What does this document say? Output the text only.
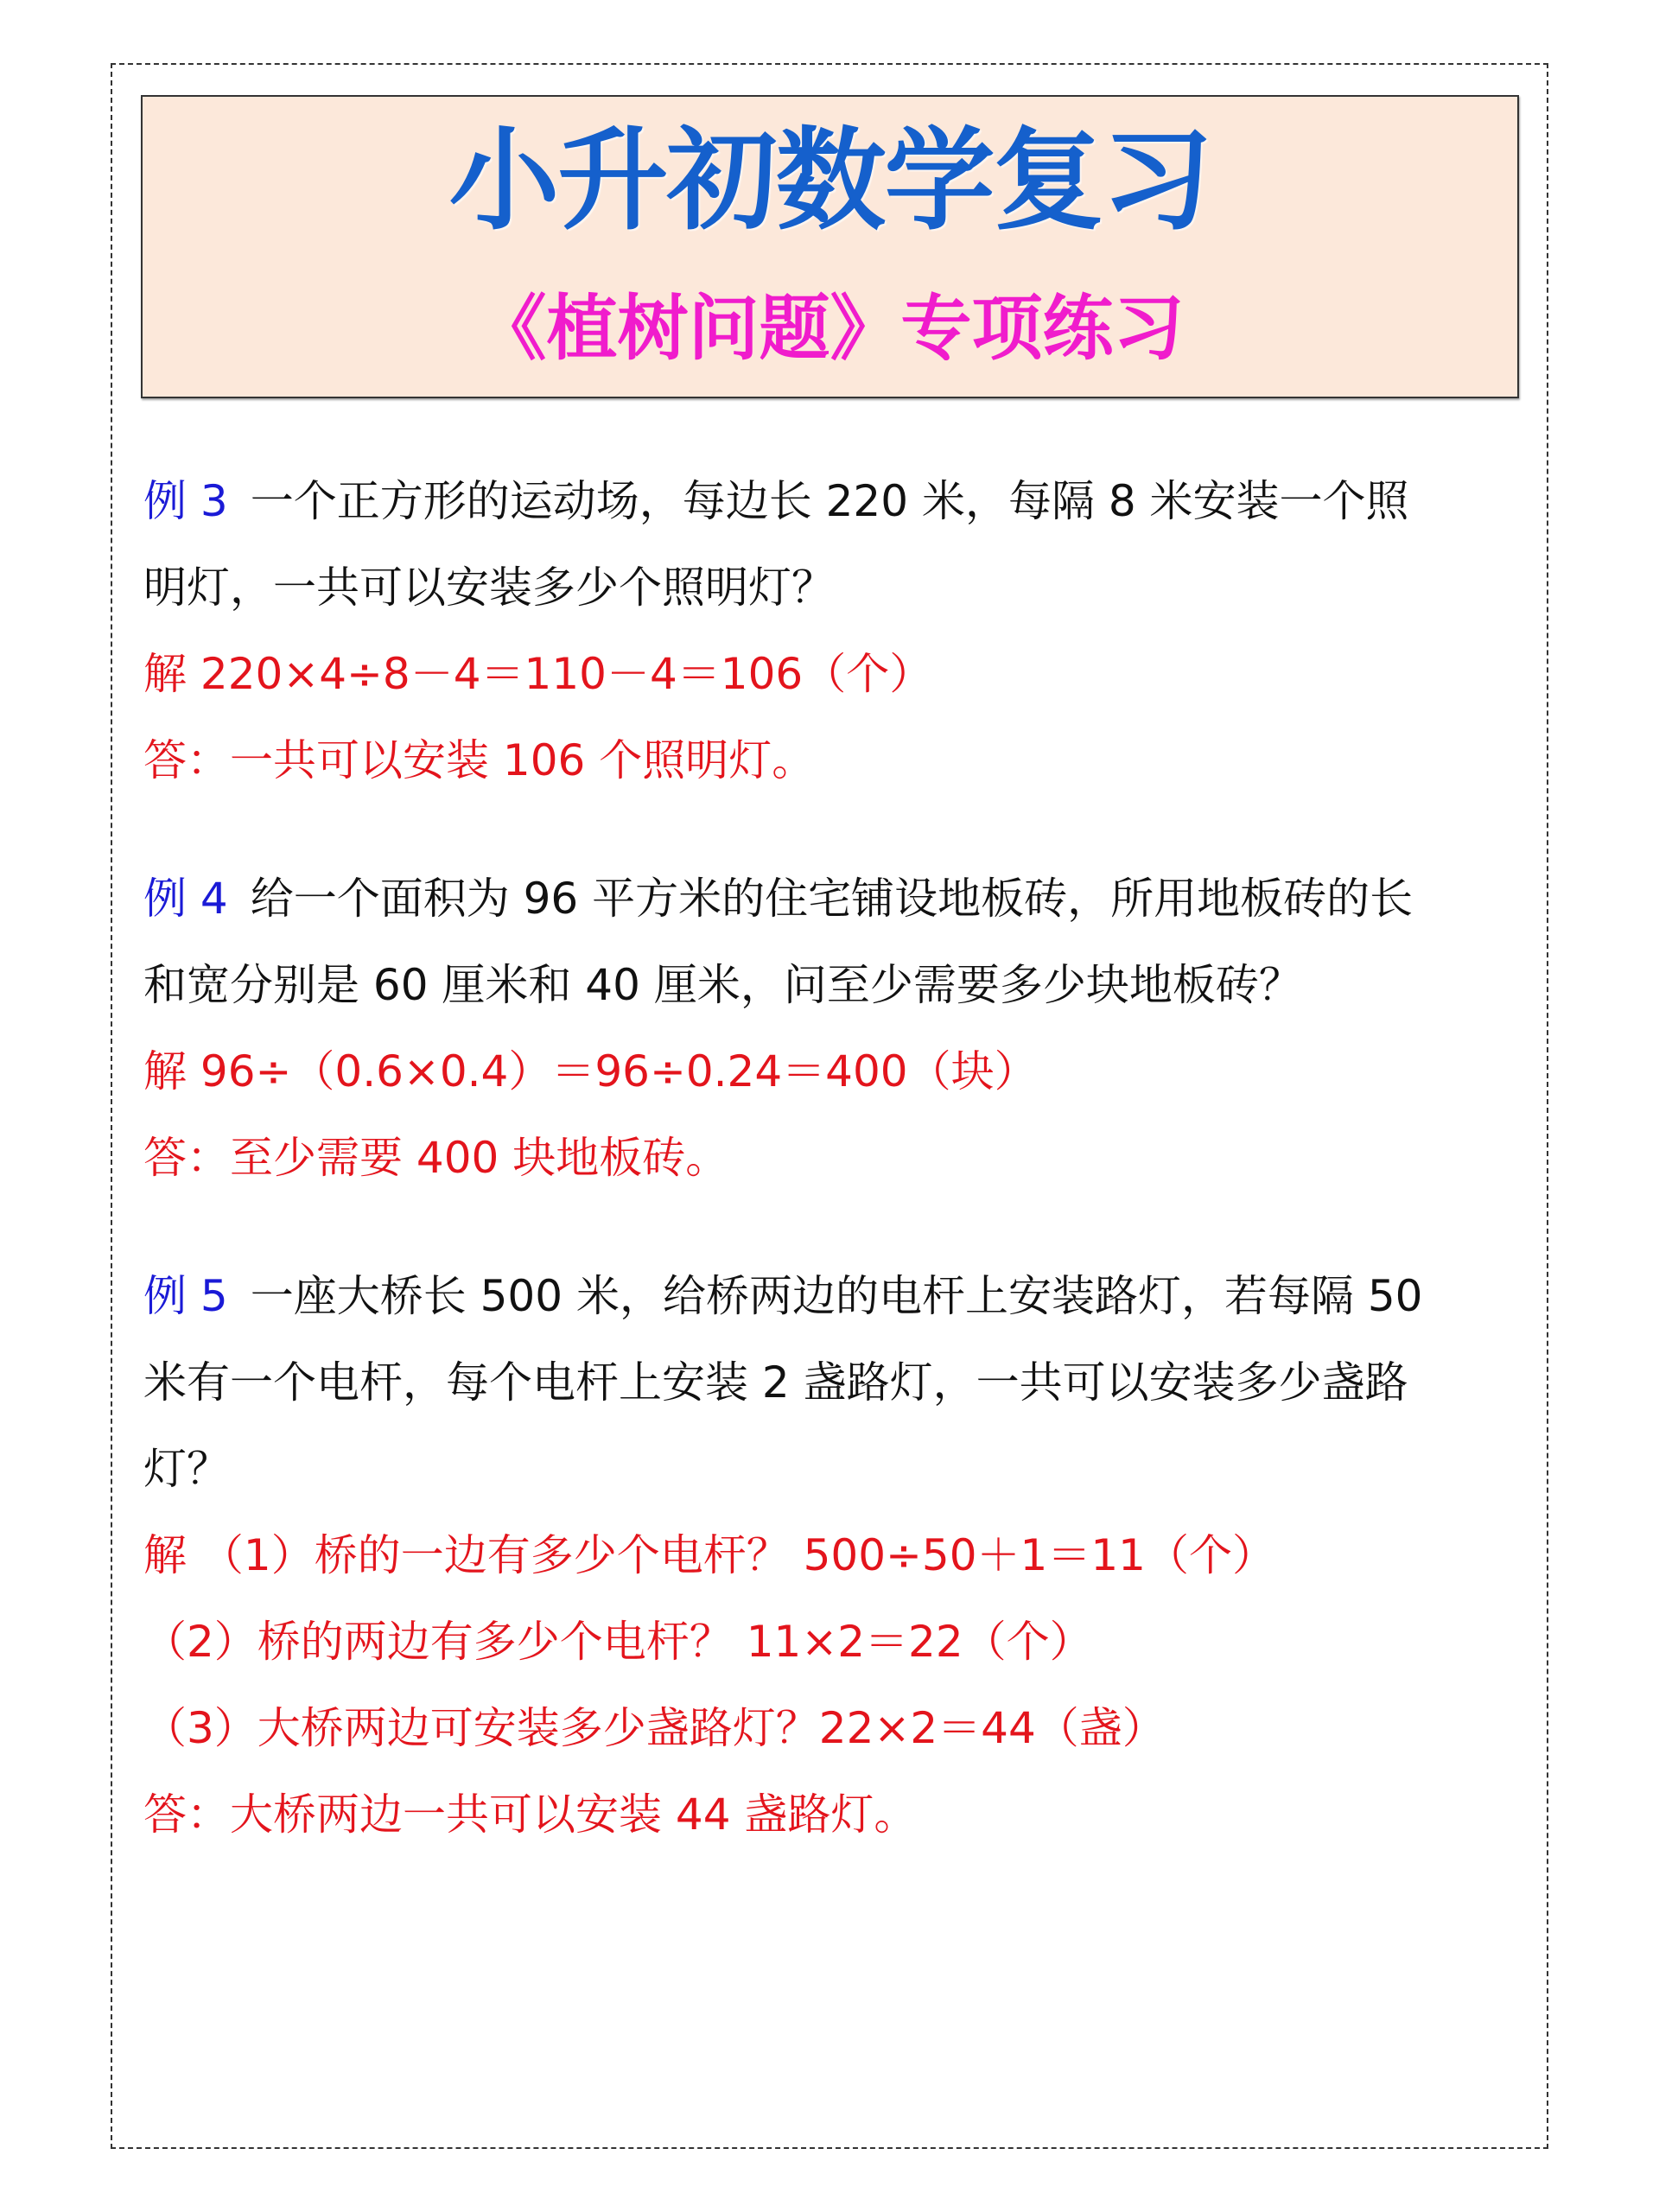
小升初数学复习
《植树问题》专项练习
例 3 一个正方形的运动场，每边长 220 米，每隔 8 米安装一个照
明灯，一共可以安装多少个照明灯？
解 220×4÷8－4＝110－4＝106（个）
答：一共可以安装 106 个照明灯。
例 4 给一个面积为 96 平方米的住宅铺设地板砖，所用地板砖的长
和宽分别是 60 厘米和 40 厘米，问至少需要多少块地板砖？
解 96÷（0.6×0.4）＝96÷0.24＝400（块）
答：至少需要 400 块地板砖。
例 5 一座大桥长 500 米，给桥两边的电杆上安装路灯，若每隔 50
米有一个电杆，每个电杆上安装 2 盏路灯，一共可以安装多少盏路
灯？
解 （1）桥的一边有多少个电杆？ 500÷50＋1＝11（个）
（2）桥的两边有多少个电杆？ 11×2＝22（个）
（3）大桥两边可安装多少盏路灯？22×2＝44（盏）
答：大桥两边一共可以安装 44 盏路灯。
